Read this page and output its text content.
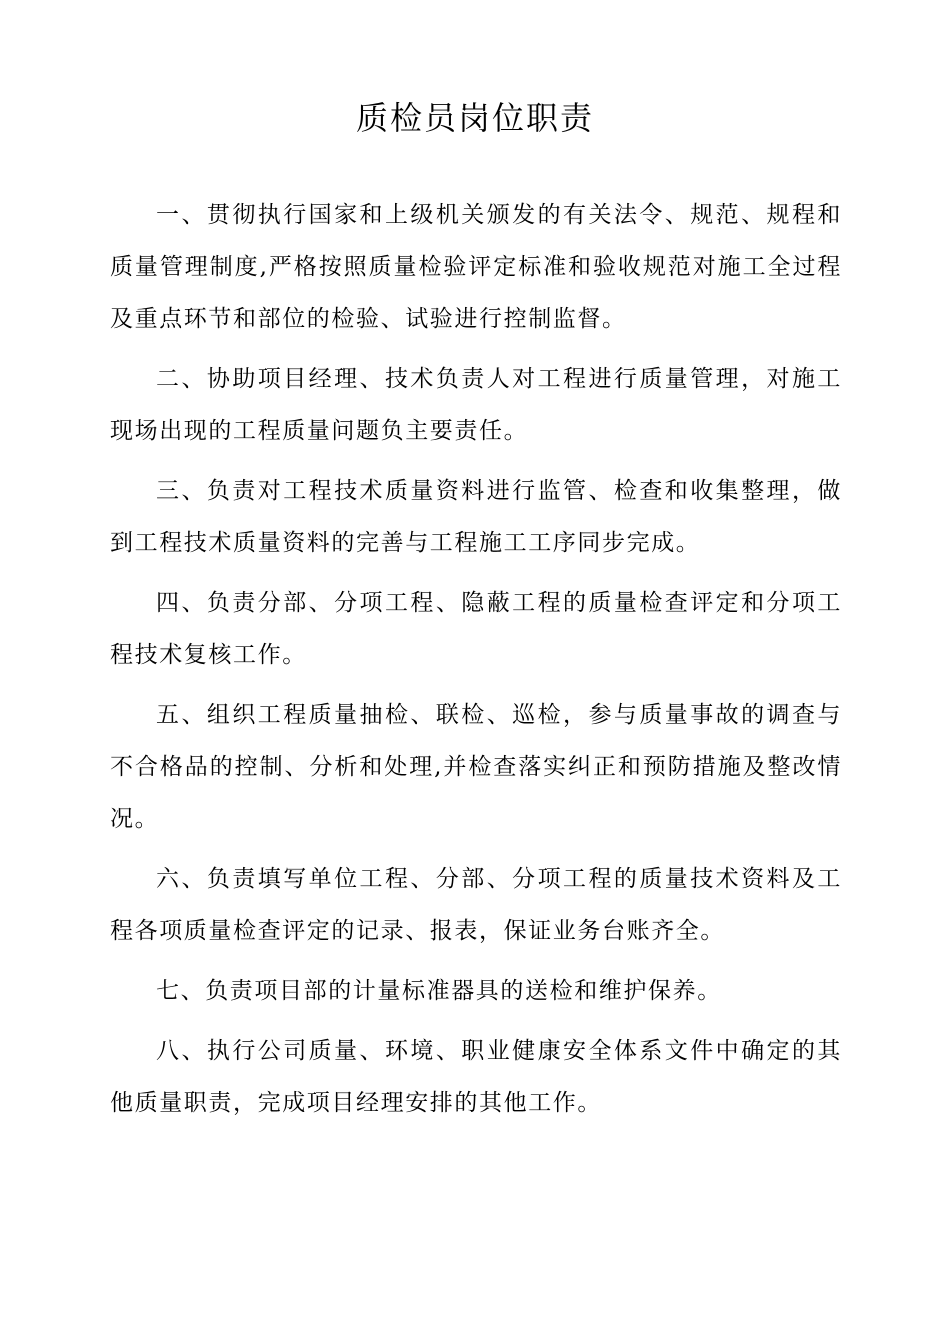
质检员岗位职责

一、贯彻执行国家和上级机关颁发的有关法令、规范、规程和质量管理制度,严格按照质量检验评定标准和验收规范对施工全过程及重点环节和部位的检验、试验进行控制监督。

二、协助项目经理、技术负责人对工程进行质量管理，对施工现场出现的工程质量问题负主要责任。

三、负责对工程技术质量资料进行监管、检查和收集整理，做到工程技术质量资料的完善与工程施工工序同步完成。

四、负责分部、分项工程、隐蔽工程的质量检查评定和分项工程技术复核工作。

五、组织工程质量抽检、联检、巡检，参与质量事故的调查与不合格品的控制、分析和处理,并检查落实纠正和预防措施及整改情况。

六、负责填写单位工程、分部、分项工程的质量技术资料及工程各项质量检查评定的记录、报表，保证业务台账齐全。

七、负责项目部的计量标准器具的送检和维护保养。

八、执行公司质量、环境、职业健康安全体系文件中确定的其他质量职责，完成项目经理安排的其他工作。
